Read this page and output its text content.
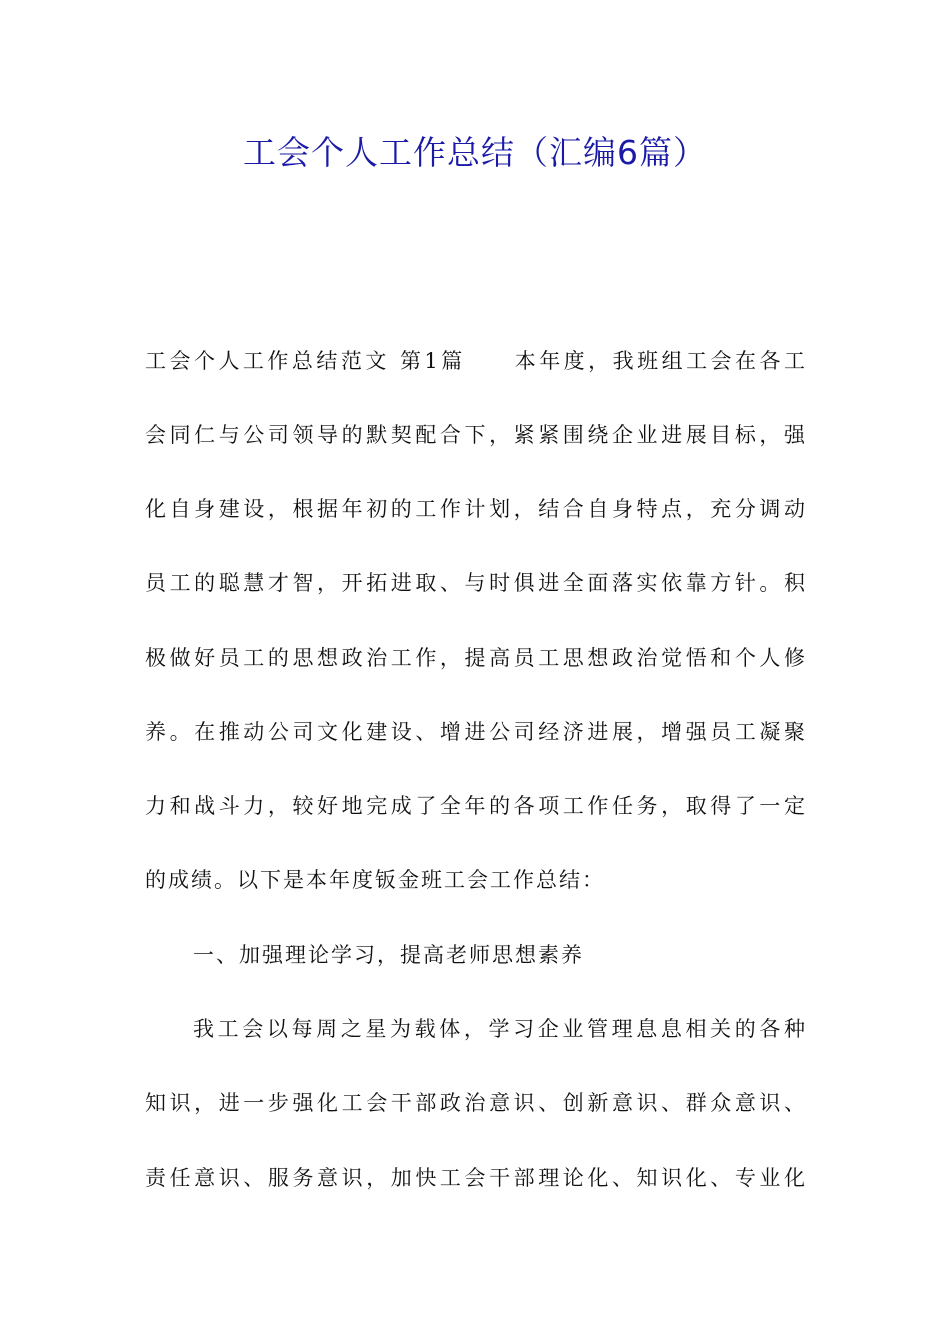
工会个人工作总结（汇编6篇）
工会个人工作总结范文 第1篇　　本年度，我班组工会在各工
会同仁与公司领导的默契配合下，紧紧围绕企业进展目标，强
化自身建设，根据年初的工作计划，结合自身特点，充分调动
员工的聪慧才智，开拓进取、与时俱进全面落实依靠方针。积
极做好员工的思想政治工作，提高员工思想政治觉悟和个人修
养。在推动公司文化建设、增进公司经济进展，增强员工凝聚
力和战斗力，较好地完成了全年的各项工作任务，取得了一定
的成绩。以下是本年度钣金班工会工作总结：
一、加强理论学习，提高老师思想素养
我工会以每周之星为载体，学习企业管理息息相关的各种
知识，进一步强化工会干部政治意识、创新意识、群众意识、
责任意识、服务意识，加快工会干部理论化、知识化、专业化
